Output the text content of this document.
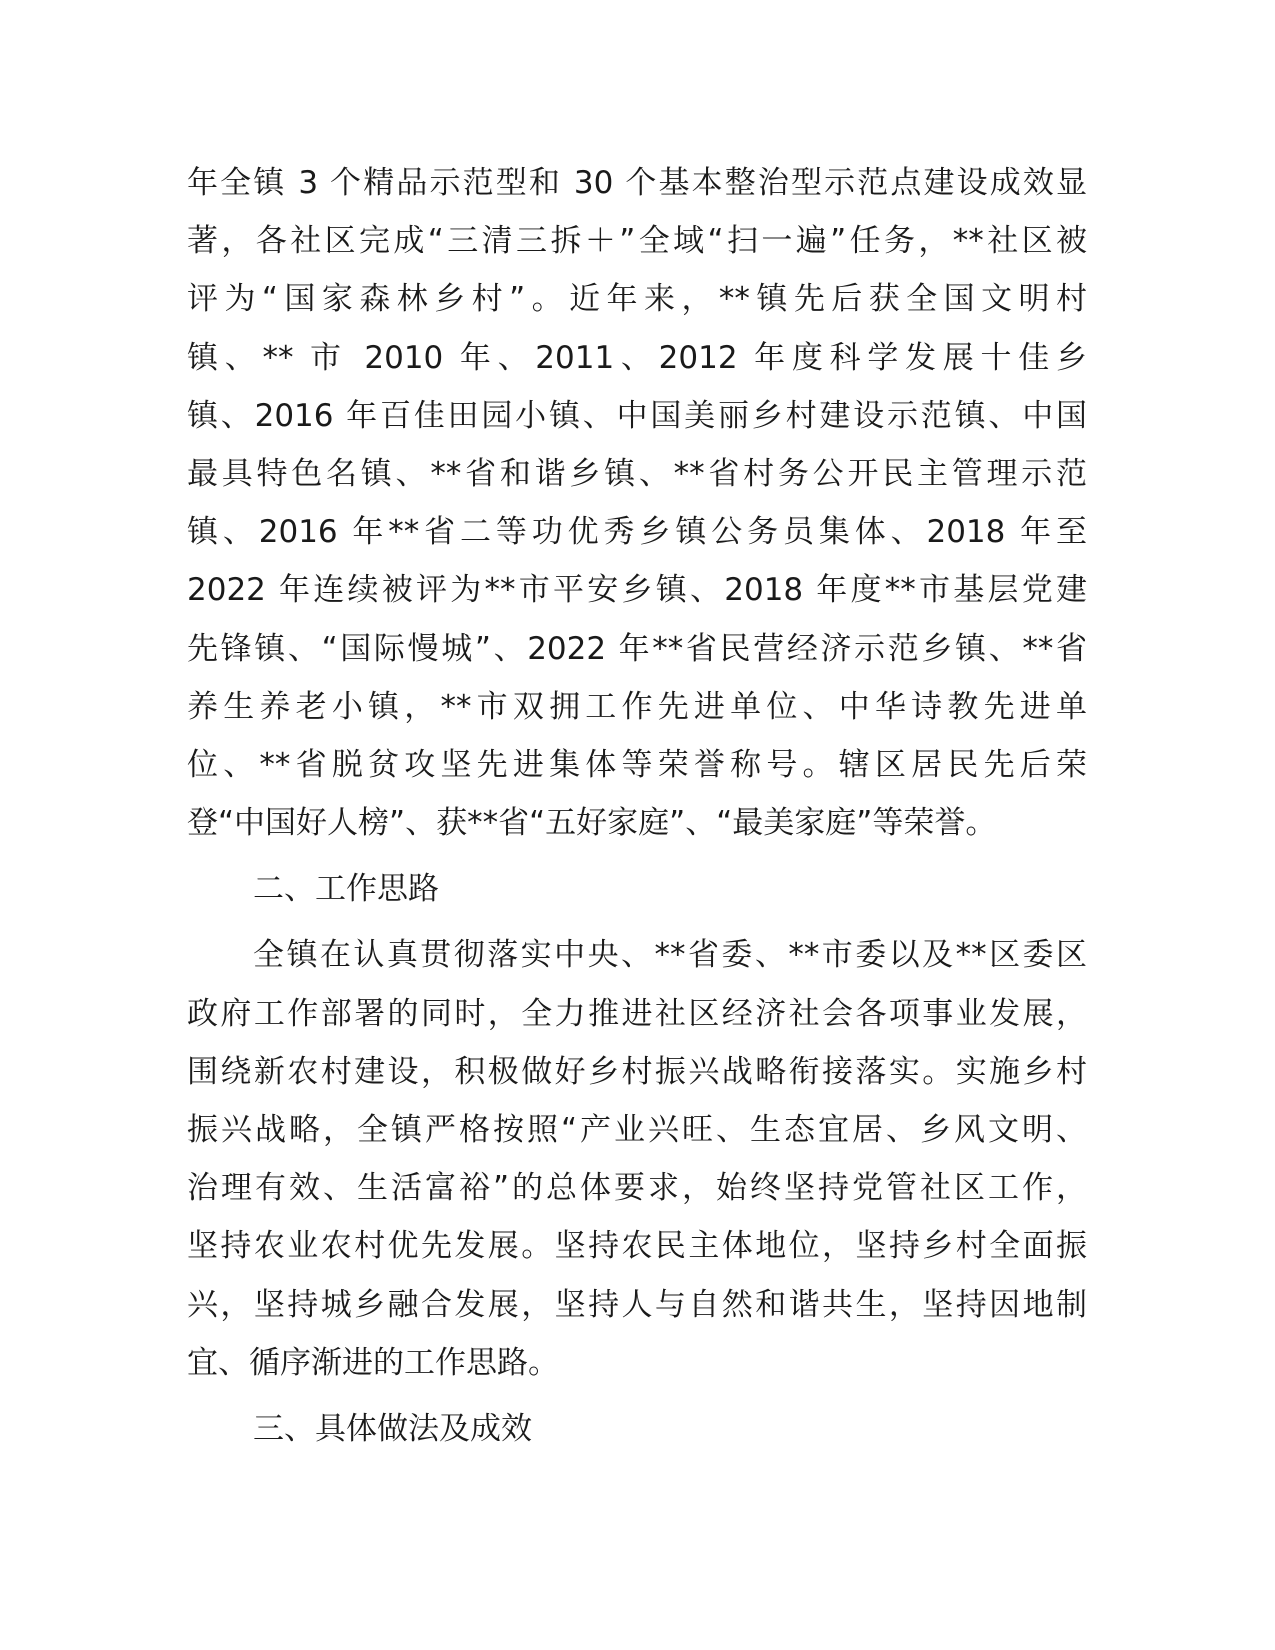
年全镇 3 个精品示范型和 30 个基本整治型示范点建设成效显
著，各社区完成“三清三拆＋”全域“扫一遍”任务，**社区被
评为“国家森林乡村”。近年来，**镇先后获全国文明村
镇、** 市 2010 年、2011、2012 年度科学发展十佳乡
镇、2016 年百佳田园小镇、中国美丽乡村建设示范镇、中国
最具特色名镇、**省和谐乡镇、**省村务公开民主管理示范
镇、2016 年**省二等功优秀乡镇公务员集体、2018 年至
2022 年连续被评为**市平安乡镇、2018 年度**市基层党建
先锋镇、“国际慢城”、2022 年**省民营经济示范乡镇、**省
养生养老小镇，**市双拥工作先进单位、中华诗教先进单
位、**省脱贫攻坚先进集体等荣誉称号。辖区居民先后荣
登“中国好人榜”、获**省“五好家庭”、“最美家庭”等荣誉。
二、工作思路
全镇在认真贯彻落实中央、**省委、**市委以及**区委区
政府工作部署的同时，全力推进社区经济社会各项事业发展，
围绕新农村建设，积极做好乡村振兴战略衔接落实。实施乡村
振兴战略，全镇严格按照“产业兴旺、生态宜居、乡风文明、
治理有效、生活富裕”的总体要求，始终坚持党管社区工作，
坚持农业农村优先发展。坚持农民主体地位，坚持乡村全面振
兴，坚持城乡融合发展，坚持人与自然和谐共生，坚持因地制
宜、循序渐进的工作思路。
三、具体做法及成效
